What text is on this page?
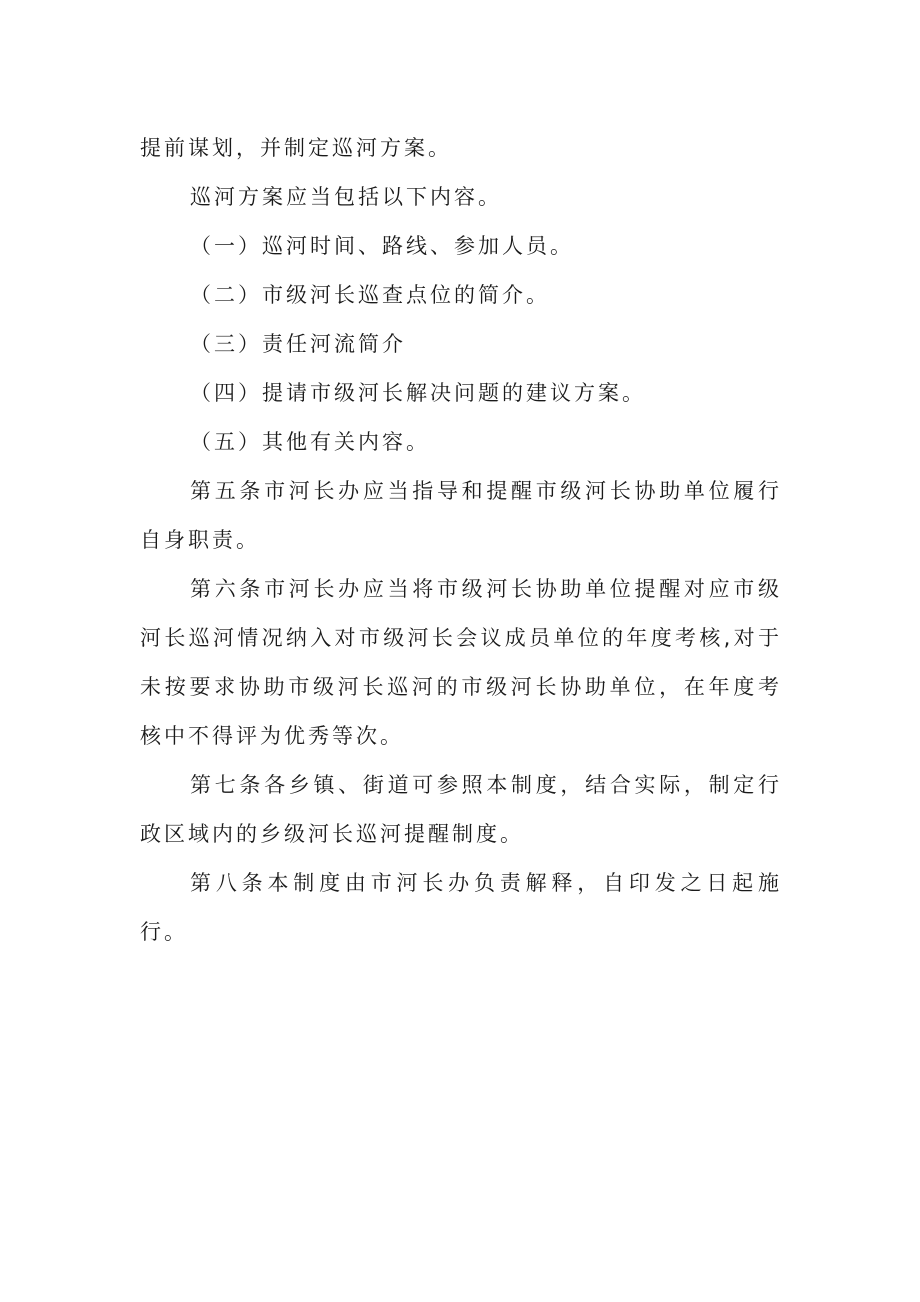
提前谋划，并制定巡河方案。

巡河方案应当包括以下内容。

（一）巡河时间、路线、参加人员。

（二）市级河长巡查点位的简介。

（三）责任河流简介

（四）提请市级河长解决问题的建议方案。

（五）其他有关内容。

第五条市河长办应当指导和提醒市级河长协助单位履行自身职责。

第六条市河长办应当将市级河长协助单位提醒对应市级河长巡河情况纳入对市级河长会议成员单位的年度考核,对于未按要求协助市级河长巡河的市级河长协助单位，在年度考核中不得评为优秀等次。

第七条各乡镇、街道可参照本制度，结合实际，制定行政区域内的乡级河长巡河提醒制度。

第八条本制度由市河长办负责解释，自印发之日起施行。
